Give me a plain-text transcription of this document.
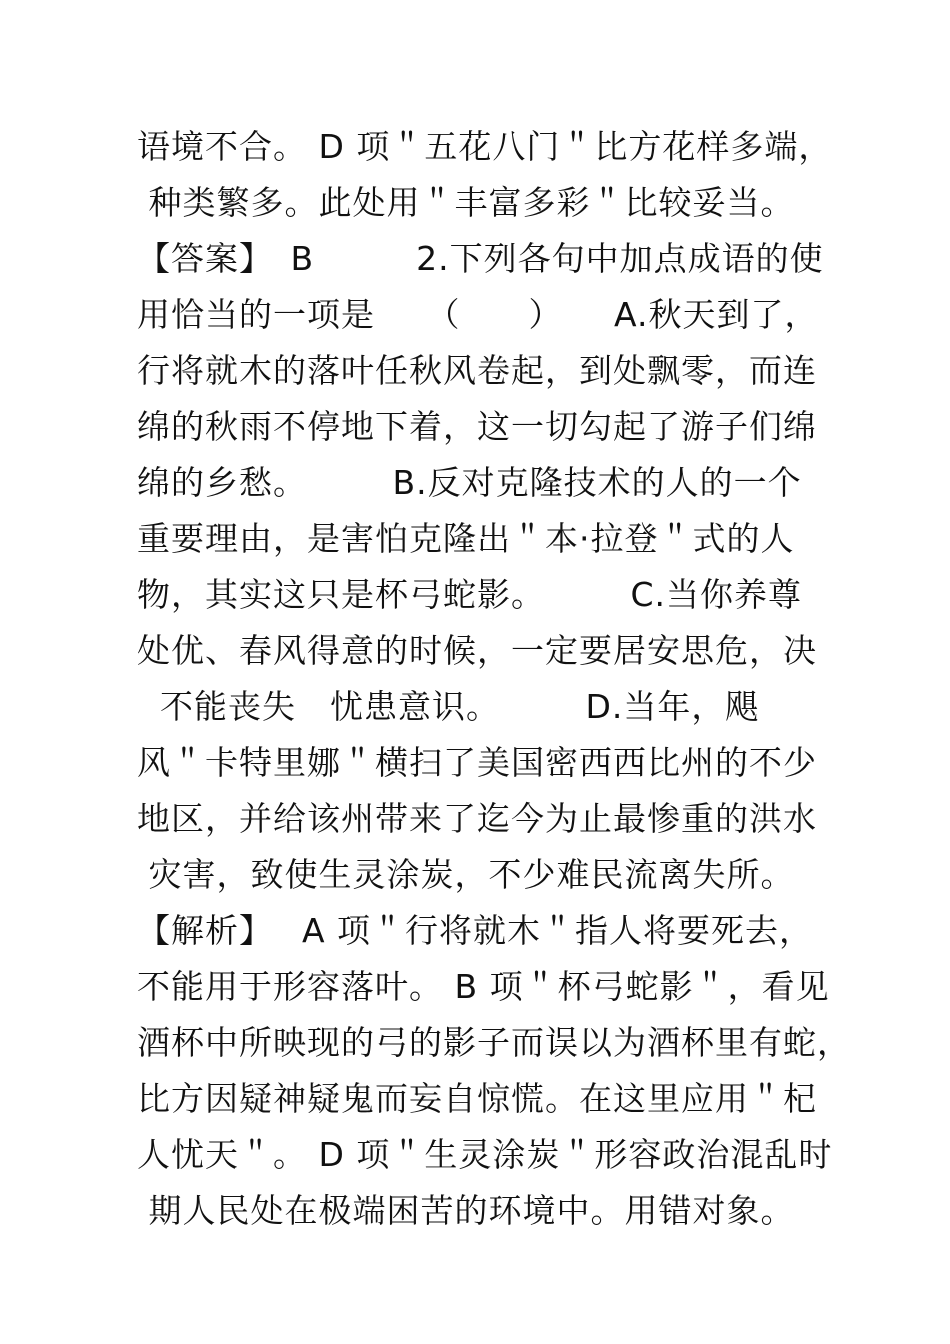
语境不合。 D 项＂五花八门＂比方花样多端，
种类繁多。此处用＂丰富多彩＂比较妥当。
【答案】　B　　　2.下列各句中加点成语的使
用恰当的一项是　　（　　）　　A.秋天到了，
行将就木的落叶任秋风卷起，到处飘零，而连
绵的秋雨不停地下着，这一切勾起了游子们绵
绵的乡愁。　　　B.反对克隆技术的人的一个
重要理由，是害怕克隆出＂本·拉登＂式的人
物，其实这只是杯弓蛇影。　　　C.当你养尊
处优、春风得意的时候，一定要居安思危，决
不能丧失　忧患意识。　　　D.当年，飓
风＂卡特里娜＂横扫了美国密西西比州的不少
地区，并给该州带来了迄今为止最惨重的洪水
灾害，致使生灵涂炭，不少难民流离失所。
【解析】　 A 项＂行将就木＂指人将要死去，
不能用于形容落叶。 B 项＂杯弓蛇影＂，看见
酒杯中所映现的弓的影子而误以为酒杯里有蛇，
比方因疑神疑鬼而妄自惊慌。在这里应用＂杞
人忧天＂。 D 项＂生灵涂炭＂形容政治混乱时
期人民处在极端困苦的环境中。用错对象。
